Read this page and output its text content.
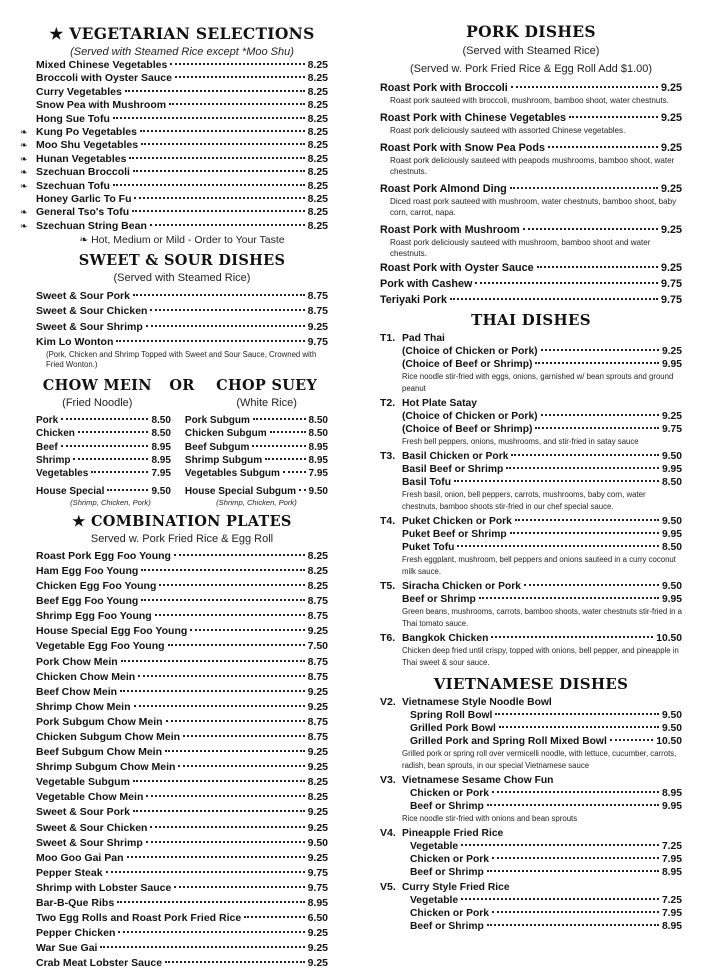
★ VEGETARIAN SELECTIONS
(Served with Steamed Rice except *Moo Shu)
Mixed Chinese Vegetables	8.25
Broccoli with Oyster Sauce	8.25
Curry Vegetables	8.25
Snow Pea with Mushroom	8.25
Hong Sue Tofu	8.25
❧ Kung Po Vegetables	8.25
❧ Moo Shu Vegetables	8.25
❧ Hunan Vegetables	8.25
❧ Szechuan Broccoli	8.25
❧ Szechuan Tofu	8.25
Honey Garlic To Fu	8.25
❧ General Tso's Tofu	8.25
❧ Szechuan String Bean	8.25
❧ Hot, Medium or Mild - Order to Your Taste
SWEET & SOUR DISHES
(Served with Steamed Rice)
Sweet & Sour Pork	8.75
Sweet & Sour Chicken	8.75
Sweet & Sour Shrimp	9.25
Kim Lo Wonton	9.75
(Pork, Chicken and Shrimp Topped with Sweet and Sour Sauce, Crowned with Fried Wonton.)
CHOW MEIN	OR	CHOP SUEY
(Fried Noodle)	(White Rice)
Pork	8.50
Chicken	8.50
Beef	8.95
Shrimp	8.95
Vegetables	7.95
House Special	9.50
Pork Subgum	8.50
Chicken Subgum	8.50
Beef Subgum	8.95
Shrimp Subgum	8.95
Vegetables Subgum	7.95
House Special Subgum 9.50
(Shrimp, Chicken, Pork)	(Shrimp, Chicken, Pork)
★ COMBINATION PLATES
Served w. Pork Fried Rice & Egg Roll
Roast Pork Egg Foo Young	8.25
Ham Egg Foo Young	8.25
Chicken Egg Foo Young	8.25
Beef Egg Foo Young	8.75
Shrimp Egg Foo Young	8.75
House Special Egg Foo Young	9.25
Vegetable Egg Foo Young	7.50
Pork Chow Mein	8.75
Chicken Chow Mein	8.75
Beef Chow Mein	9.25
Shrimp Chow Mein	9.25
Pork Subgum Chow Mein	8.75
Chicken Subgum Chow Mein	8.75
Beef Subgum Chow Mein	9.25
Shrimp Subgum Chow Mein	9.25
Vegetable Subgum	8.25
Vegetable Chow Mein	8.25
Sweet & Sour Pork	9.25
Sweet & Sour Chicken	9.25
Sweet & Sour Shrimp	9.50
Moo Goo Gai Pan	9.25
Pepper Steak	9.75
Shrimp with Lobster Sauce	9.75
Bar-B-Que Ribs	8.95
Two Egg Rolls and Roast Pork Fried Rice	6.50
Pepper Chicken	9.25
War Sue Gai	9.25
Crab Meat Lobster Sauce	9.25
PORK DISHES
(Served with Steamed Rice)
(Served w. Pork Fried Rice & Egg Roll Add $1.00)
Roast Pork with Broccoli	9.25
Roast pork sauteed with broccoli, mushroom, bamboo shoot, water chestnuts.
Roast Pork with Chinese Vegetables	9.25
Roast pork deliciously sauteed with assorted Chinese vegetables.
Roast Pork with Snow Pea Pods	9.25
Roast pork deliciously sauteed with peapods mushrooms, bamboo shoot, water chestnuts.
Roast Pork Almond Ding	9.25
Diced roast pork sauteed with mushroom, water chestnuts, bamboo shoot, baby corn, carrot, napa.
Roast Pork with Mushroom	9.25
Roast pork deliciously sauteed with mushroom, bamboo shoot and water chestnuts.
Roast Pork with Oyster Sauce	9.25
Pork with Cashew	9.75
Teriyaki Pork	9.75
THAI DISHES
T1. Pad Thai
(Choice of Chicken or Pork)	9.25
(Choice of Beef or Shrimp)	9.95
Rice noodle stir-fried with eggs, onions, garnished w/ bean sprouts and ground peanut
T2. Hot Plate Satay
(Choice of Chicken or Pork)	9.25
(Choice of Beef or Shrimp)	9.75
Fresh bell peppers, onions, mushrooms, and stir-fried in satay sauce
T3. Basil Chicken or Pork	9.50
Basil Beef or Shrimp	9.95
Basil Tofu	8.50
Fresh basil, onion, bell peppers, carrots, mushrooms, baby corn, water chestnuts, bamboo shoots stir-fried in our chef special sauce.
T4. Puket Chicken or Pork	9.50
Puket Beef or Shrimp	9.95
Puket Tofu	8.50
Fresh eggplant, mushroom, bell peppers and onions sauteed in a curry coconut milk sauce.
T5. Siracha Chicken or Pork	9.50
Beef or Shrimp	9.95
Green beans, mushrooms, carrots, bamboo shoots, water chestnuts stir-fried in a Thai tomato sauce.
T6. Bangkok Chicken	10.50
Chicken deep fried until crispy, topped with onions, bell pepper, and pineapple in Thai sweet & sour sauce.
VIETNAMESE DISHES
V2. Vietnamese Style Noodle Bowl
Spring Roll Bowl	9.50
Grilled Pork Bowl	9.50
Grilled Pork and Spring Roll Mixed Bowl	10.50
Grilled pork or spring roll over vermicelli noodle, with lettuce, cucumber, carrots, radish, bean sprouts, in our special Vietnamese sauce
V3. Vietnamese Sesame Chow Fun
Chicken or Pork	8.95
Beef or Shrimp	9.95
Rice noodle stir-fried with onions and bean sprouts
V4. Pineapple Fried Rice
Vegetable	7.25
Chicken or Pork	7.95
Beef or Shrimp	8.95
V5. Curry Style Fried Rice
Vegetable	7.25
Chicken or Pork	7.95
Beef or Shrimp	8.95
